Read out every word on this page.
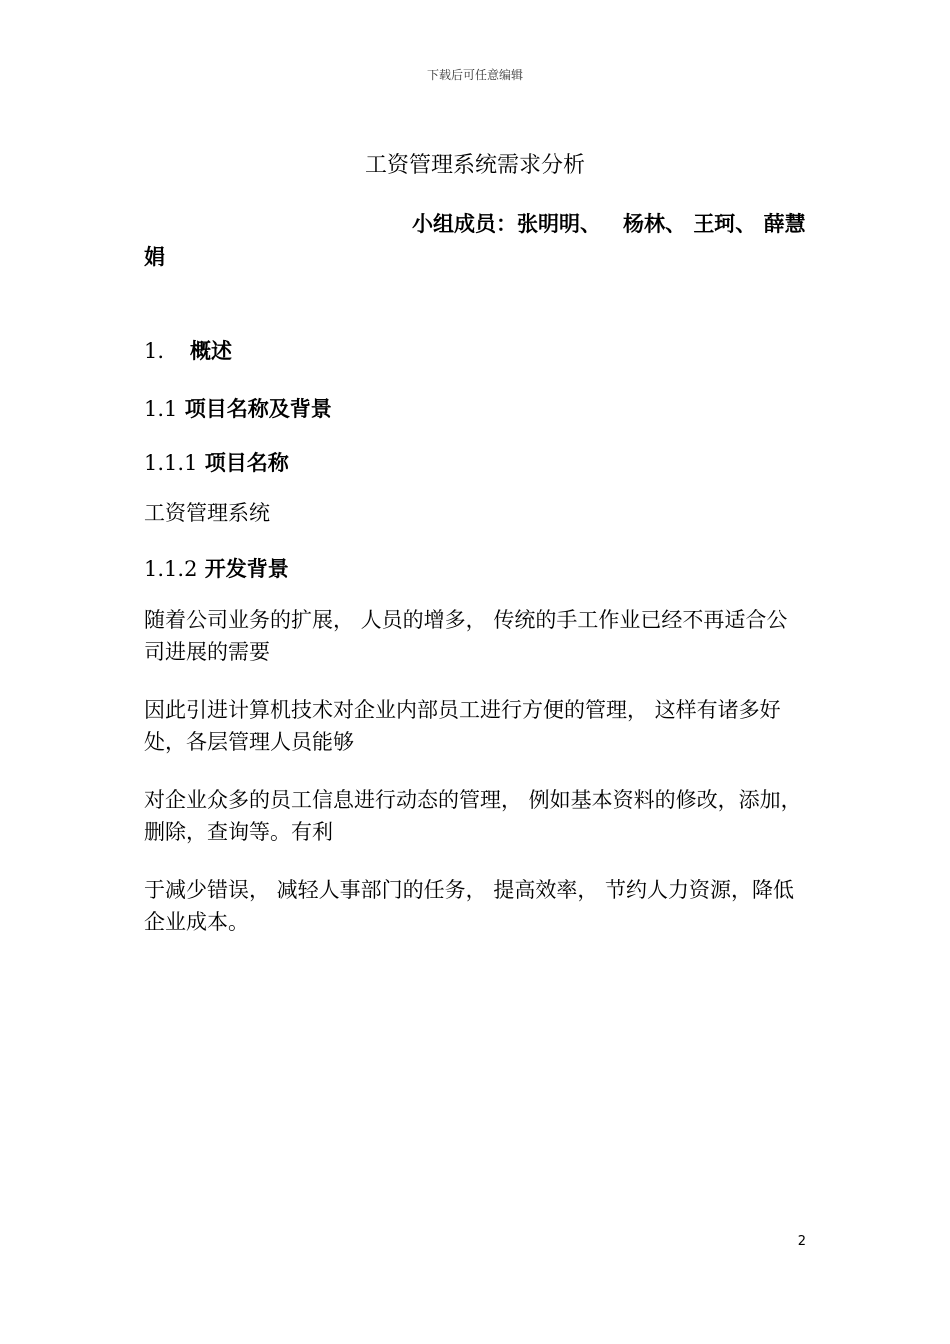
下载后可任意编辑
工资管理系统需求分析

小组成员：张明明、 杨林、 王珂、 薛慧娟

1. 概述
1.1 项目名称及背景
1.1.1 项目名称

工资管理系统

1.1.2 开发背景

随着公司业务的扩展， 人员的增多， 传统的手工作业已经不再适合公司进展的需要

因此引进计算机技术对企业内部员工进行方便的管理， 这样有诸多好处，各层管理人员能够

对企业众多的员工信息进行动态的管理， 例如基本资料的修改，添加，删除，查询等。有利

于减少错误， 减轻人事部门的任务， 提高效率， 节约人力资源，降低企业成本。

2
